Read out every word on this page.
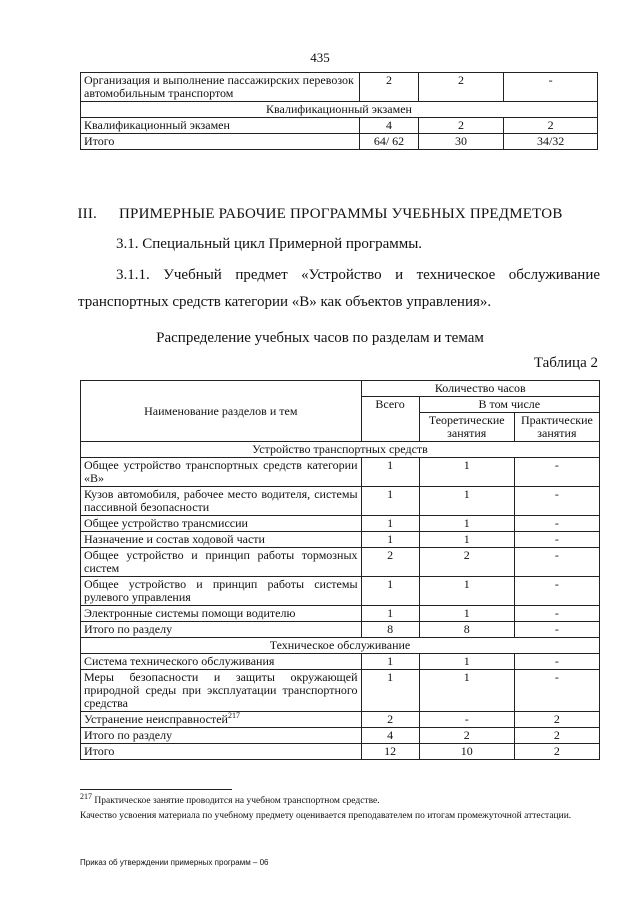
435
Организация и выполнение пассажирских перевозок автомобильным транспортом	2	2	-
Квалификационный экзамен			
Квалификационный экзамен	4	2	2
Итого	64/ 62	30	34/32
III. ПРИМЕРНЫЕ РАБОЧИЕ ПРОГРАММЫ УЧЕБНЫХ ПРЕДМЕТОВ
3.1. Специальный цикл Примерной программы.
3.1.1. Учебный предмет «Устройство и техническое обслуживание
транспортных средств категории «B» как объектов управления».
Распределение учебных часов по разделам и темам
Таблица 2
Наименование разделов и тем	Количество часов		
	Всего	В том числе	
		Теоретические занятия	Практические занятия
Устройство транспортных средств			
Общее устройство транспортных средств категории «B»	1	1	-
Кузов автомобиля, рабочее место водителя, системы пассивной безопасности	1	1	-
Общее устройство трансмиссии	1	1	-
Назначение и состав ходовой части	1	1	-
Общее устройство и принцип работы тормозных систем	2	2	-
Общее устройство и принцип работы системы рулевого управления	1	1	-
Электронные системы помощи водителю	1	1	-
Итого по разделу	8	8	-
Техническое обслуживание			
Система технического обслуживания	1	1	-
Меры безопасности и защиты окружающей природной среды при эксплуатации транспортного средства	1	1	-
Устранение неисправностей$^{217}$	2	-	2
Итого по разделу	4	2	2
Итого	12	10	2

$^{217}$ Практическое занятие проводится на учебном транспортном средстве.

Качество усвоения материала по учебному предмету оценивается преподавателем по итогам промежуточной аттестации.

Приказ об утверждении примерных программ – 06
